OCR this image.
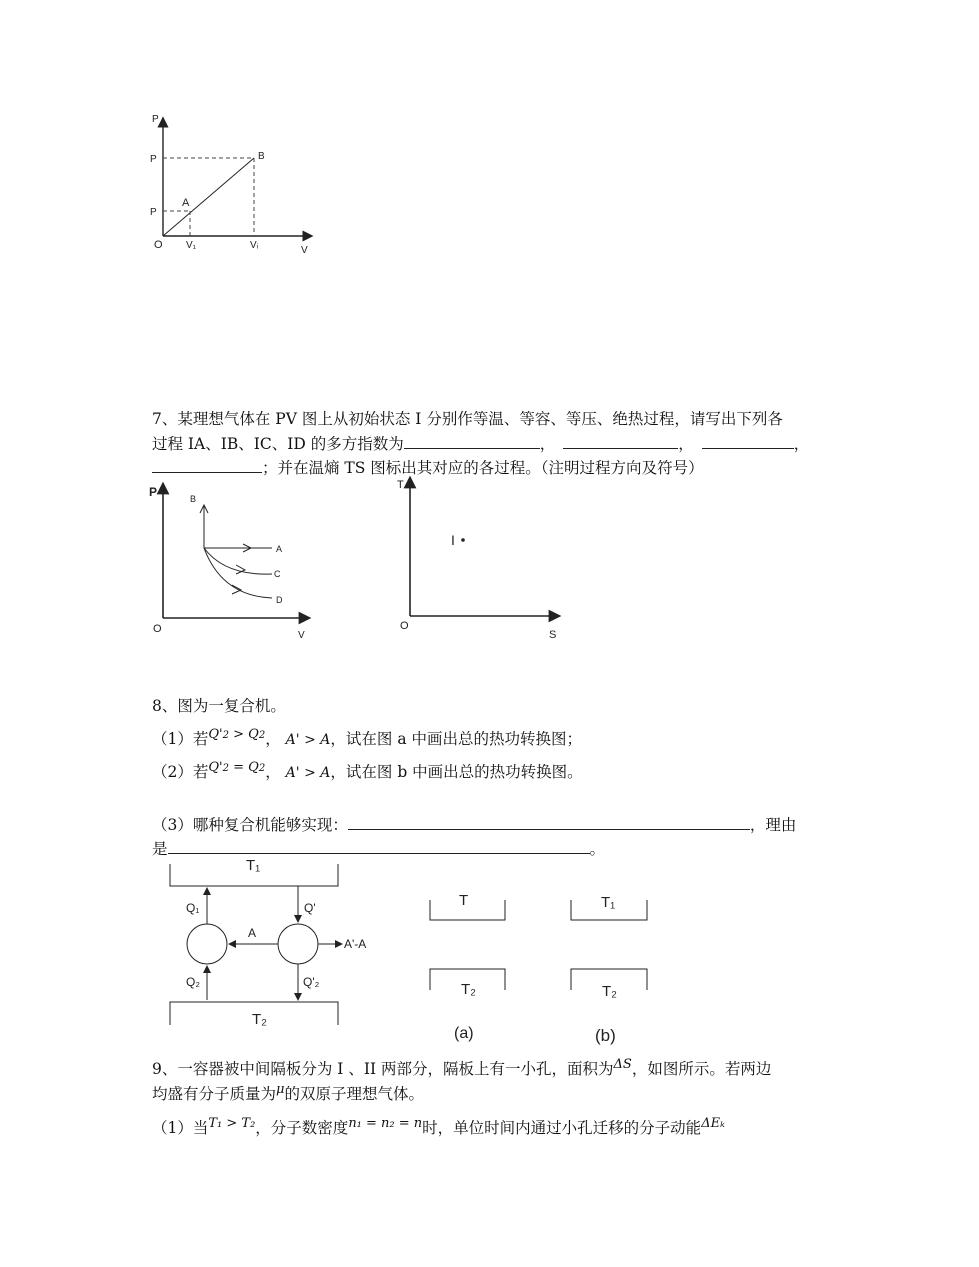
P
P
P
O V₁	Vᵢ	V
A
B
7、某理想气体在 PV 图上从初始状态 I 分别作等温、等容、等压、绝热过程，请写出下列各
过程 IA、IB、IC、ID 的多方指数为	，	，	，
；并在温熵 TS 图标出其对应的各过程。（注明过程方向及符号）
P	B
A
C
D
O
V
T
I
O
S
8、图为一复合机。
（1）若$^{Q'2 > Q2}$， A' > A，试在图 a 中画出总的热功转换图；
（2）若$^{Q'2 = Q2}$， A' > A，试在图 b 中画出总的热功转换图。
（3）哪种复合机能够实现：	，理由
是	。
T₁
T₂
Q₁
Q₂
Q'
Q'₂
A
A'-A
T
T₂
(a)
T₁
T₂
(b)
9、一容器被中间隔板分为 I 、II 两部分，隔板上有一小孔，面积为$^{\Delta S}$，如图所示。若两边
均盛有分子质量为$^\mu$的双原子理想气体。
（1）当$^{T_1 > T_2}$，分子数密度$^{n_1 = n_2 = n}$时，单位时间内通过小孔迁移的分子动能$^{\Delta E_k}$
